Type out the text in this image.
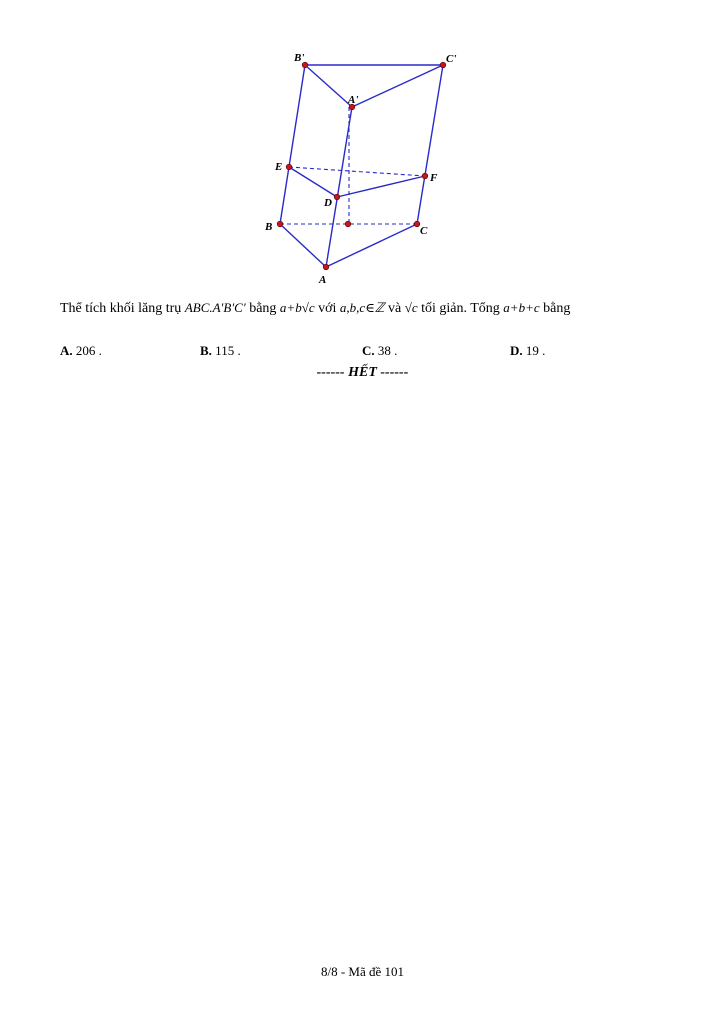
B'	C'
A'
E
F
D
B	C
A
Thể tích khối lăng trụ ABC.A′B′C′ bằng a+b√c với a,b,c∈ℤ và √c tối giản. Tổng a+b+c bằng
A. 206 .	B. 115 .	C. 38 .	D. 19 .
------ HẾT ------
8/8 - Mã đề 101
